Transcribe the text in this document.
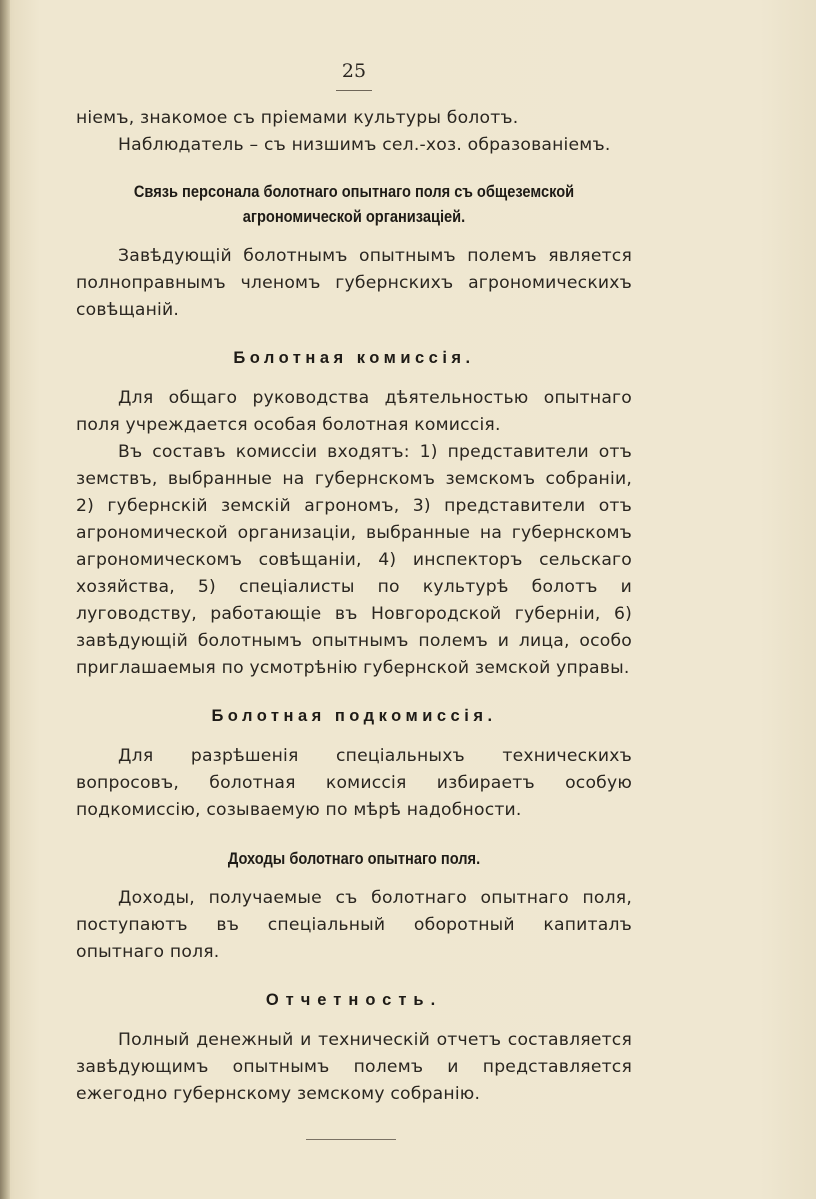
25

ніемъ, знакомое съ пріемами культуры болотъ.

Наблюдатель – съ низшимъ сел.-хоз. образованіемъ.

Связь персонала болотнаго опытнаго поля съ общеземской агрономической организаціей.

Завѣдующій болотнымъ опытнымъ полемъ является полноправнымъ членомъ губернскихъ агрономическихъ совѣщаній.

Болотная комиссія.

Для общаго руководства дѣятельностью опытнаго поля учреждается особая болотная комиссія.

Въ составъ комиссіи входятъ: 1) представители отъ земствъ, выбранные на губернскомъ земскомъ собраніи, 2) губернскій земскій агрономъ, 3) представители отъ агрономической организаціи, выбранные на губернскомъ агрономическомъ совѣщаніи, 4) инспекторъ сельскаго хозяйства, 5) спеціалисты по культурѣ болотъ и луговодству, работающіе въ Новгородской губерніи, 6) завѣдующій болотнымъ опытнымъ полемъ и лица, особо приглашаемыя по усмотрѣнію губернской земской управы.

Болотная подкомиссія.

Для разрѣшенія спеціальныхъ техническихъ вопросовъ, болотная комиссія избираетъ особую подкомиссію, созываемую по мѣрѣ надобности.

Доходы болотнаго опытнаго поля.

Доходы, получаемые съ болотнаго опытнаго поля, поступаютъ въ спеціальный оборотный капиталъ опытнаго поля.

Отчетность.

Полный денежный и техническій отчетъ составляется завѣдующимъ опытнымъ полемъ и представляется ежегодно губернскому земскому собранію.
